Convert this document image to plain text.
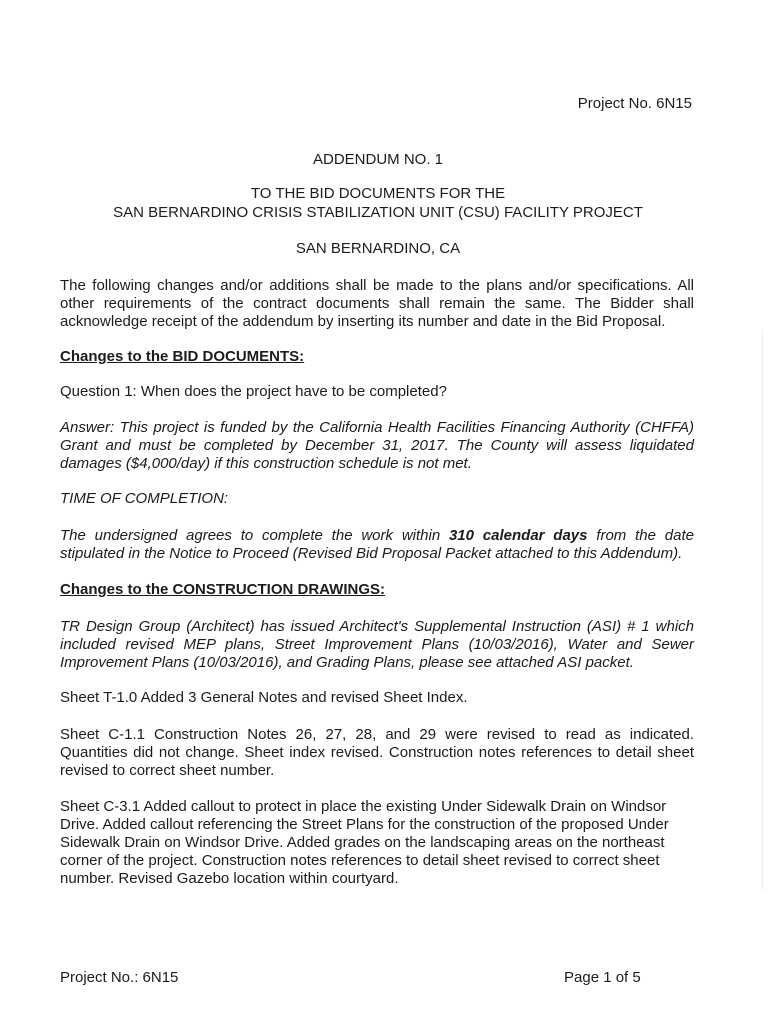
Project No. 6N15
ADDENDUM NO. 1
TO THE BID DOCUMENTS FOR THE
SAN BERNARDINO CRISIS STABILIZATION UNIT (CSU) FACILITY PROJECT
SAN BERNARDINO, CA

The following changes and/or additions shall be made to the plans and/or specifications. All other requirements of the contract documents shall remain the same. The Bidder shall acknowledge receipt of the addendum by inserting its number and date in the Bid Proposal.

Changes to the BID DOCUMENTS:
Question 1: When does the project have to be completed?

Answer: This project is funded by the California Health Facilities Financing Authority (CHFFA) Grant and must be completed by December 31, 2017. The County will assess liquidated damages ($4,000/day) if this construction schedule is not met.

TIME OF COMPLETION:

The undersigned agrees to complete the work within 310 calendar days from the date stipulated in the Notice to Proceed (Revised Bid Proposal Packet attached to this Addendum).

Changes to the CONSTRUCTION DRAWINGS:

TR Design Group (Architect) has issued Architect's Supplemental Instruction (ASI) # 1 which included revised MEP plans, Street Improvement Plans (10/03/2016), Water and Sewer Improvement Plans (10/03/2016), and Grading Plans, please see attached ASI packet.

Sheet T-1.0 Added 3 General Notes and revised Sheet Index.

Sheet C-1.1 Construction Notes 26, 27, 28, and 29 were revised to read as indicated. Quantities did not change. Sheet index revised. Construction notes references to detail sheet revised to correct sheet number.

Sheet C-3.1 Added callout to protect in place the existing Under Sidewalk Drain on Windsor Drive. Added callout referencing the Street Plans for the construction of the proposed Under Sidewalk Drain on Windsor Drive. Added grades on the landscaping areas on the northeast corner of the project. Construction notes references to detail sheet revised to correct sheet number. Revised Gazebo location within courtyard.

Project No.: 6N15	Page 1 of 5
